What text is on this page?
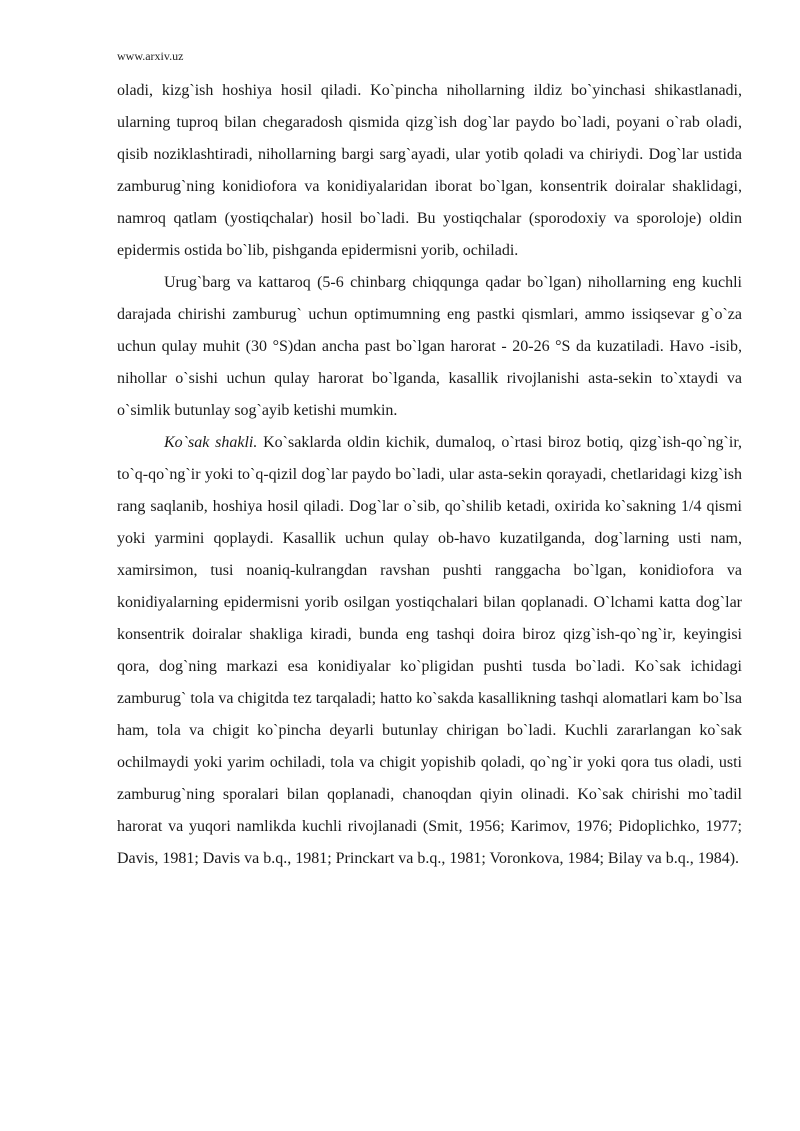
www.arxiv.uz

oladi, kizg`ish hoshiya hosil qiladi. Ko`pincha nihollarning ildiz bo`yinchasi shikastlanadi, ularning tuproq bilan chegaradosh qismida qizg`ish dog`lar paydo bo`ladi, poyani o`rab oladi, qisib noziklashtiradi, nihollarning bargi sarg`ayadi, ular yotib qoladi va chiriydi. Dog`lar ustida zamburug`ning konidiofora va konidiyalaridan iborat bo`lgan, konsentrik doiralar shaklidagi, namroq qatlam (yostiqchalar) hosil bo`ladi. Bu yostiqchalar (sporodoxiy va sporoloje) oldin epidermis ostida bo`lib, pishganda epidermisni yorib, ochiladi.

Urug`barg va kattaroq (5-6 chinbarg chiqqunga qadar bo`lgan) nihollarning eng kuchli darajada chirishi zamburug` uchun optimumning eng pastki qismlari, ammo issiqsevar g`o`za uchun qulay muhit (30 °S)dan ancha past bo`lgan harorat - 20-26 °S da kuzatiladi. Havo -isib, nihollar o`sishi uchun qulay harorat bo`lganda, kasallik rivojlanishi asta-sekin to`xtaydi va o`simlik butunlay sog`ayib ketishi mumkin.

Ko`sak shakli. Ko`saklarda oldin kichik, dumaloq, o`rtasi biroz botiq, qizg`ish-qo`ng`ir, to`q-qo`ng`ir yoki to`q-qizil dog`lar paydo bo`ladi, ular asta-sekin qorayadi, chetlaridagi kizg`ish rang saqlanib, hoshiya hosil qiladi. Dog`lar o`sib, qo`shilib ketadi, oxirida ko`sakning 1/4 qismi yoki yarmini qoplaydi. Kasallik uchun qulay ob-havo kuzatilganda, dog`larning usti nam, xamirsimon, tusi noaniq-kulrangdan ravshan pushti ranggacha bo`lgan, konidiofora va konidiyalarning epidermisni yorib osilgan yostiqchalari bilan qoplanadi. O`lchami katta dog`lar konsentrik doiralar shakliga kiradi, bunda eng tashqi doira biroz qizg`ish-qo`ng`ir, keyingisi qora, dog`ning markazi esa konidiyalar ko`pligidan pushti tusda bo`ladi. Ko`sak ichidagi zamburug` tola va chigitda tez tarqaladi; hatto ko`sakda kasallikning tashqi alomatlari kam bo`lsa ham, tola va chigit ko`pincha deyarli butunlay chirigan bo`ladi. Kuchli zararlangan ko`sak ochilmaydi yoki yarim ochiladi, tola va chigit yopishib qoladi, qo`ng`ir yoki qora tus oladi, usti zamburug`ning sporalari bilan qoplanadi, chanoqdan qiyin olinadi. Ko`sak chirishi mo`tadil harorat va yuqori namlikda kuchli rivojlanadi (Smit, 1956; Karimov, 1976; Pidoplichko, 1977; Davis, 1981; Davis va b.q., 1981; Princkart va b.q., 1981; Voronkova, 1984; Bilay va b.q., 1984).
